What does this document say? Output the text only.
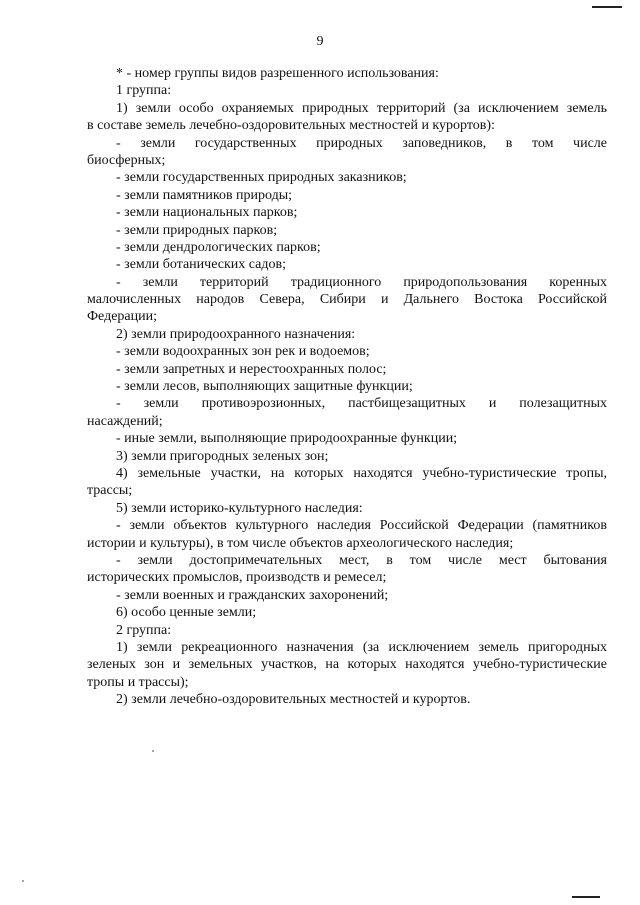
9
* - номер группы видов разрешенного использования:
1 группа:
1) земли особо охраняемых природных территорий (за исключением земель
в составе земель лечебно-оздоровительных местностей и курортов):
- земли государственных природных заповедников, в том числе
биосферных;
- земли государственных природных заказников;
- земли памятников природы;
- земли национальных парков;
- земли природных парков;
- земли дендрологических парков;
- земли ботанических садов;
- земли территорий традиционного природопользования коренных
малочисленных народов Севера, Сибири и Дальнего Востока Российской
Федерации;
2) земли природоохранного назначения:
- земли водоохранных зон рек и водоемов;
- земли запретных и нерестоохранных полос;
- земли лесов, выполняющих защитные функции;
- земли противоэрозионных, пастбищезащитных и полезащитных
насаждений;
- иные земли, выполняющие природоохранные функции;
3) земли пригородных зеленых зон;
4) земельные участки, на которых находятся учебно-туристические тропы,
трассы;
5) земли историко-культурного наследия:
- земли объектов культурного наследия Российской Федерации (памятников
истории и культуры), в том числе объектов археологического наследия;
- земли достопримечательных мест, в том числе мест бытования
исторических промыслов, производств и ремесел;
- земли военных и гражданских захоронений;
6) особо ценные земли;
2 группа:
1) земли рекреационного назначения (за исключением земель пригородных
зеленых зон и земельных участков, на которых находятся учебно-туристические
тропы и трассы);
2) земли лечебно-оздоровительных местностей и курортов.
